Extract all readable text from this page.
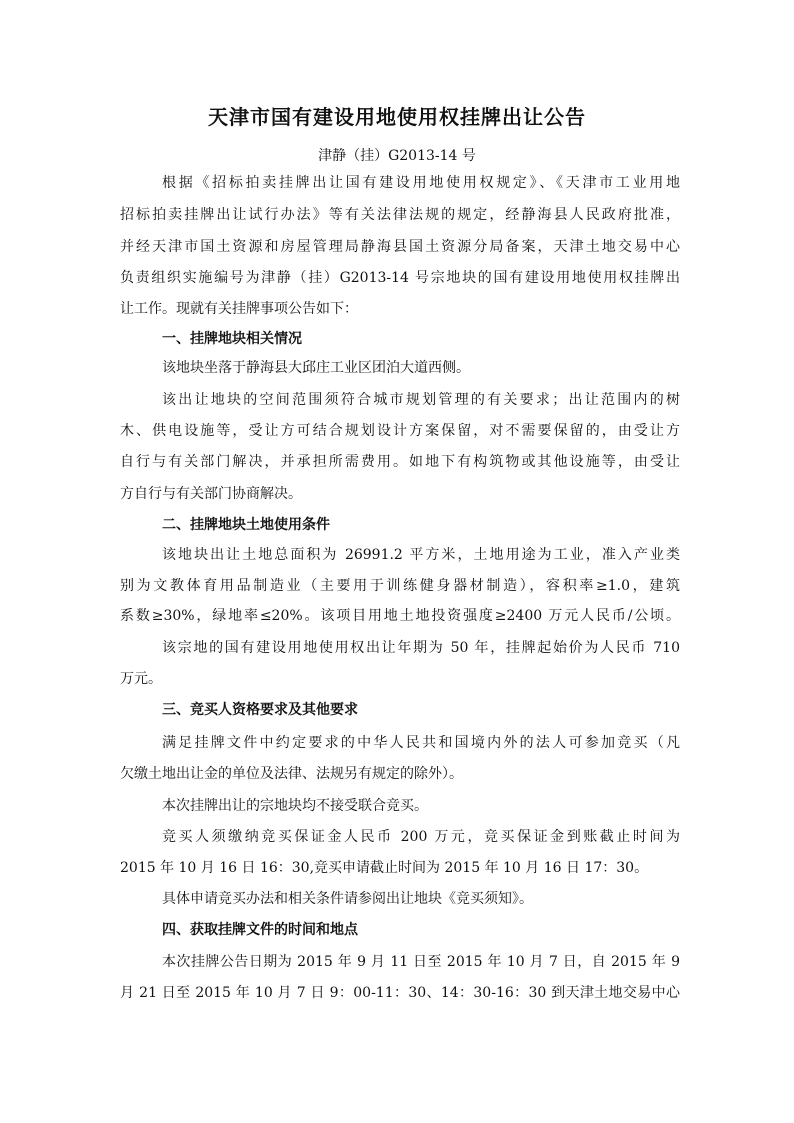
天津市国有建设用地使用权挂牌出让公告
津静（挂）G2013-14 号
根据《招标拍卖挂牌出让国有建设用地使用权规定》、《天津市工业用地
招标拍卖挂牌出让试行办法》等有关法律法规的规定，经静海县人民政府批准，
并经天津市国土资源和房屋管理局静海县国土资源分局备案，天津土地交易中心
负责组织实施编号为津静（挂）G2013-14 号宗地块的国有建设用地使用权挂牌出
让工作。现就有关挂牌事项公告如下：
一、挂牌地块相关情况
该地块坐落于静海县大邱庄工业区团泊大道西侧。
该出让地块的空间范围须符合城市规划管理的有关要求；出让范围内的树
木、供电设施等，受让方可结合规划设计方案保留，对不需要保留的，由受让方
自行与有关部门解决，并承担所需费用。如地下有构筑物或其他设施等，由受让
方自行与有关部门协商解决。
二、挂牌地块土地使用条件
该地块出让土地总面积为 26991.2 平方米，土地用途为工业，准入产业类
别为文教体育用品制造业（主要用于训练健身器材制造），容积率≥1.0，建筑
系数≥30%，绿地率≤20%。该项目用地土地投资强度≥2400 万元人民币/公顷。
该宗地的国有建设用地使用权出让年期为 50 年，挂牌起始价为人民币 710
万元。
三、竞买人资格要求及其他要求
满足挂牌文件中约定要求的中华人民共和国境内外的法人可参加竞买（凡
欠缴土地出让金的单位及法律、法规另有规定的除外）。
本次挂牌出让的宗地块均不接受联合竞买。
竞买人须缴纳竞买保证金人民币 200 万元，竞买保证金到账截止时间为
2015 年 10 月 16 日 16：30,竞买申请截止时间为 2015 年 10 月 16 日 17：30。
具体申请竞买办法和相关条件请参阅出让地块《竞买须知》。
四、获取挂牌文件的时间和地点
本次挂牌公告日期为 2015 年 9 月 11 日至 2015 年 10 月 7 日，自 2015 年 9
月 21 日至 2015 年 10 月 7 日 9：00-11：30、14：30-16：30 到天津土地交易中心
